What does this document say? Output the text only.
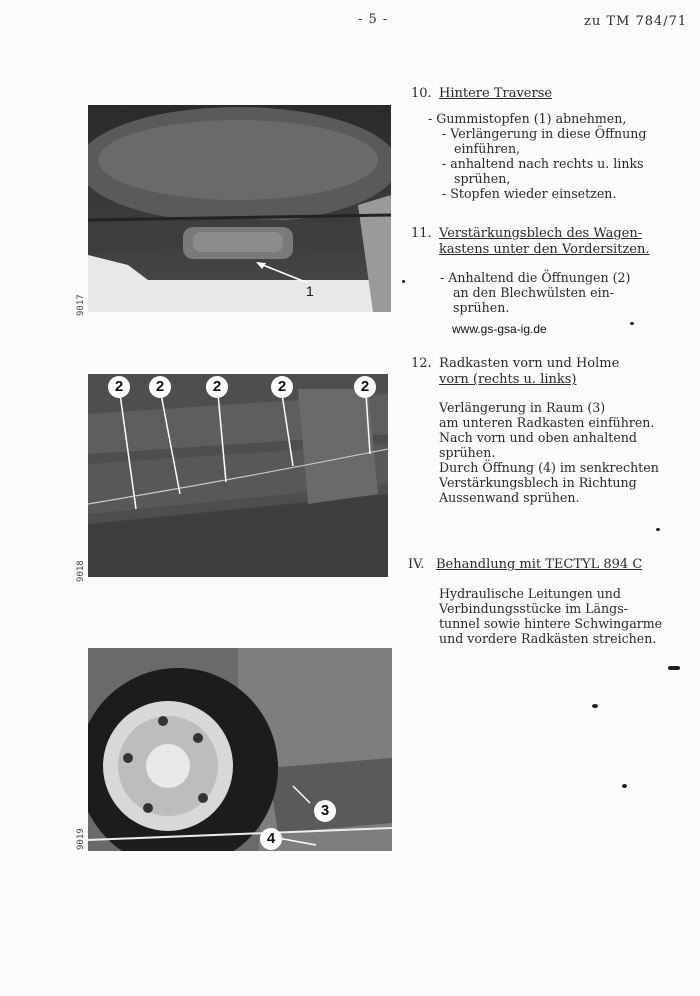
- 5 -	zu TM 784/71
1
9017
2	2	2	2	2
9018
3
4
9019
10. Hintere Traverse
- Gummistopfen (1) abnehmen,
- Verlängerung in diese Öffnung
einführen,
- anhaltend nach rechts u. links
sprühen,
- Stopfen wieder einsetzen.
11. Verstärkungsblech des Wagen-
kastens unter den Vordersitzen.
- Anhaltend die Öffnungen (2)
an den Blechwülsten ein-
sprühen.
www.gs-gsa-ig.de
12. Radkasten vorn und Holme
vorn (rechts u. links)
Verlängerung in Raum (3)
am unteren Radkasten einführen.
Nach vorn und oben anhaltend
sprühen.
Durch Öffnung (4) im senkrechten
Verstärkungsblech in Richtung
Aussenwand sprühen.
IV. Behandlung mit TECTYL 894 C
Hydraulische Leitungen und
Verbindungsstücke im Längs-
tunnel sowie hintere Schwingarme
und vordere Radkästen streichen.
